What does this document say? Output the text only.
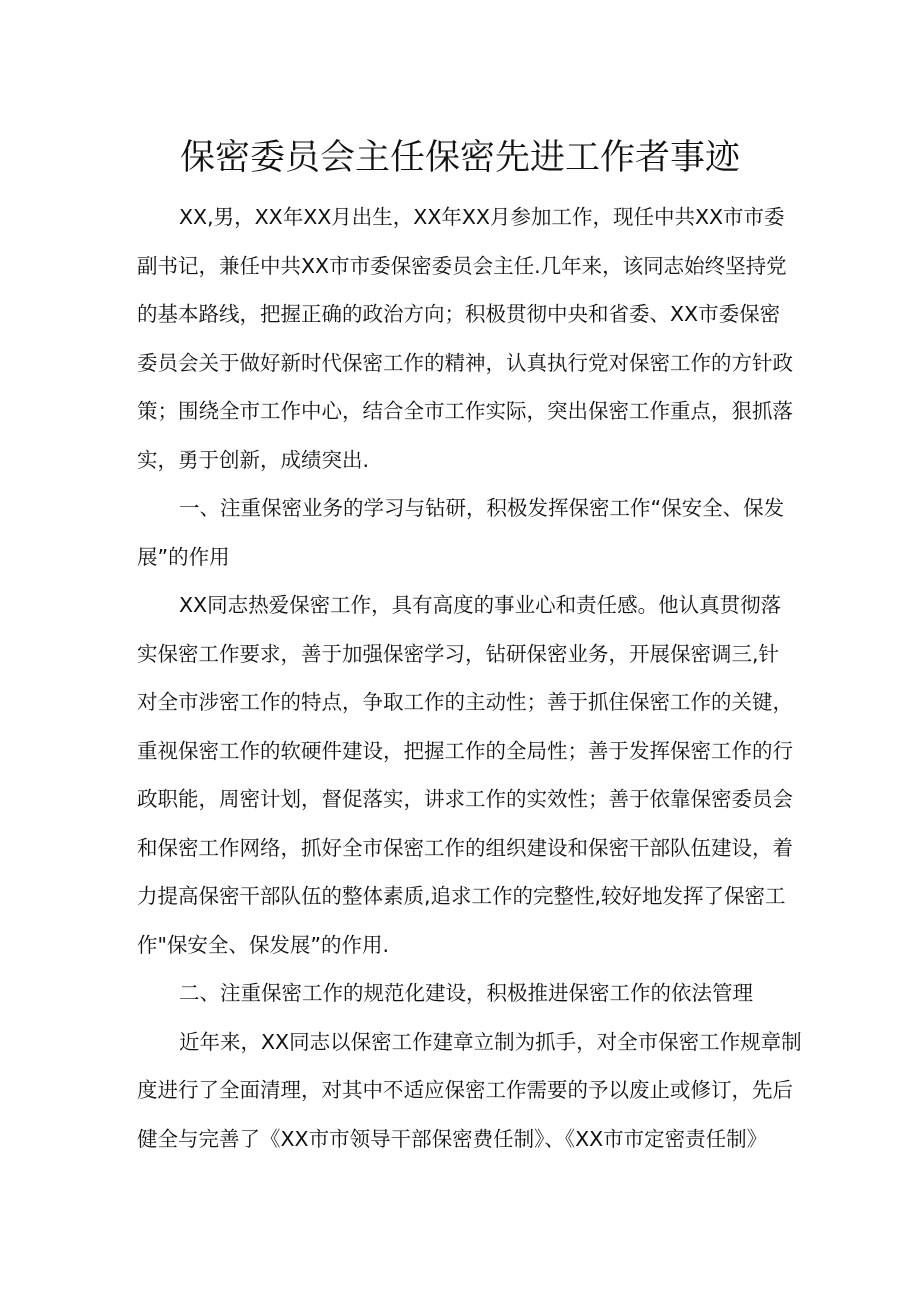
保密委员会主任保密先进工作者事迹

XX,男，XX年XX月出生，XX年XX月参加工作，现任中共XX市市委
副书记，兼任中共XX市市委保密委员会主任.几年来，该同志始终坚持党
的基本路线，把握正确的政治方向；积极贯彻中央和省委、XX市委保密
委员会关于做好新时代保密工作的精神，认真执行党对保密工作的方针政
策；围绕全市工作中心，结合全市工作实际，突出保密工作重点，狠抓落
实，勇于创新，成绩突出.

一、注重保密业务的学习与钻研，积极发挥保密工作“保安全、保发
展”的作用

XX同志热爱保密工作，具有高度的事业心和责任感。他认真贯彻落
实保密工作要求，善于加强保密学习，钻研保密业务，开展保密调三,针
对全市涉密工作的特点，争取工作的主动性；善于抓住保密工作的关键，
重视保密工作的软硬件建设，把握工作的全局性；善于发挥保密工作的行
政职能，周密计划，督促落实，讲求工作的实效性；善于依靠保密委员会
和保密工作网络，抓好全市保密工作的组织建设和保密干部队伍建设，着
力提高保密干部队伍的整体素质,追求工作的完整性,较好地发挥了保密工
作"保安全、保发展”的作用.

二、注重保密工作的规范化建设，积极推进保密工作的依法管理

近年来，XX同志以保密工作建章立制为抓手，对全市保密工作规章制
度进行了全面清理，对其中不适应保密工作需要的予以废止或修订，先后
健全与完善了《XX市市领导干部保密费任制》、《XX市市定密责任制》
